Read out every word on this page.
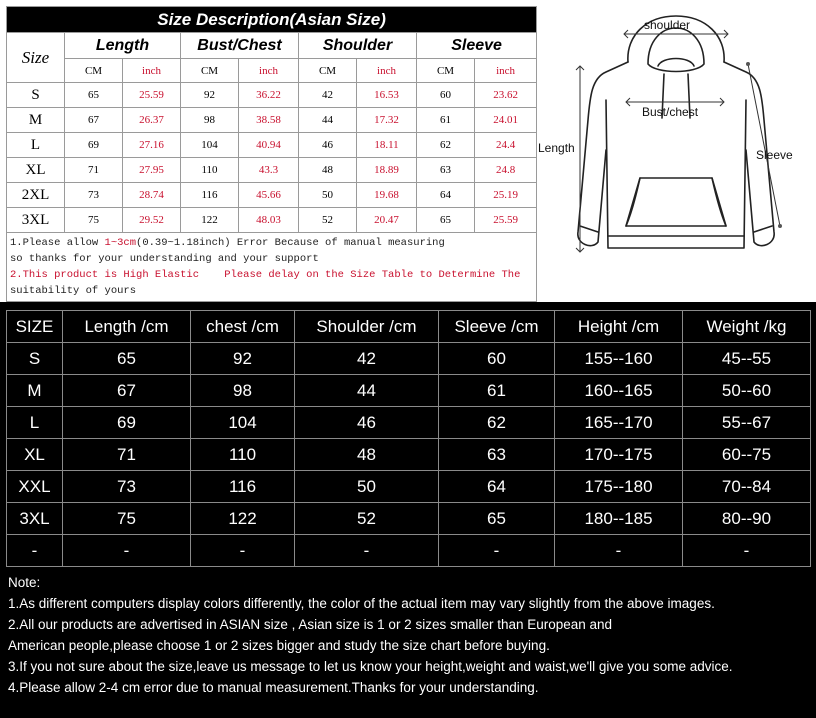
Size Description(Asian Size)								
Size	Length		Bust/Chest		Shoulder		Sleeve	
	CM	inch	CM	inch	CM	inch	CM	inch
S	65	25.59	92	36.22	42	16.53	60	23.62
M	67	26.37	98	38.58	44	17.32	61	24.01
L	69	27.16	104	40.94	46	18.11	62	24.4
XL	71	27.95	110	43.3	48	18.89	63	24.8
2XL	73	28.74	116	45.66	50	19.68	64	25.19
3XL	75	29.52	122	48.03	52	20.47	65	25.59

1.Please allow 1~3cm(0.39~1.18inch) Error Because of manual measuring
so thanks for your understanding and your support
2.This product is High Elastic    Please delay on the Size Table to Determine The
suitability of yours								
shoulder
Bust/chest
Length	Sleeve
SIZE	Length /cm	chest /cm	Shoulder /cm	Sleeve /cm	Height /cm	Weight /kg
S	65	92	42	60	155--160	45--55
M	67	98	44	61	160--165	50--60
L	69	104	46	62	165--170	55--67
XL	71	110	48	63	170--175	60--75
XXL	73	116	50	64	175--180	70--84
3XL	75	122	52	65	180--185	80--90
-	-	-	-	-	-	-
Note:
1.As different computers display colors differently, the color of the actual item may vary slightly from the above images.
2.All our products are advertised in ASIAN size , Asian size is 1 or 2 sizes smaller than European and
American people,please choose 1 or 2 sizes bigger and study the size chart before buying.
3.If you not sure about the size,leave us message to let us know your height,weight and waist,we'll give you some advice.
4.Please allow 2-4 cm error due to manual measurement.Thanks for your understanding.
